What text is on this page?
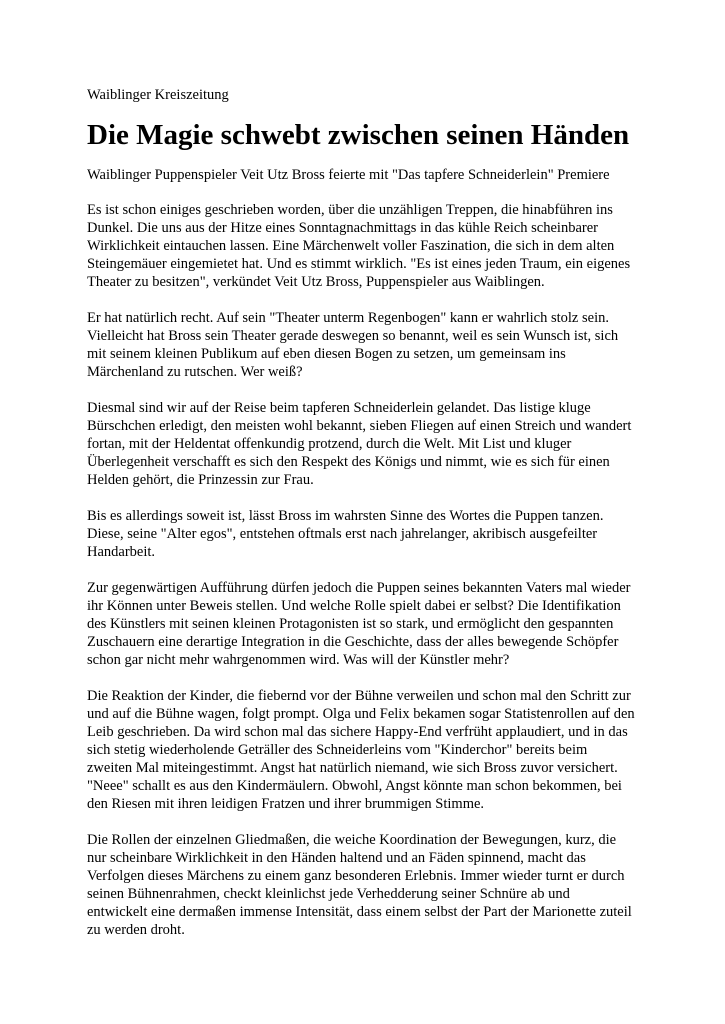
Waiblinger Kreiszeitung
Die Magie schwebt zwischen seinen Händen
Waiblinger Puppenspieler Veit Utz Bross feierte mit "Das tapfere Schneiderlein" Premiere

Es ist schon einiges geschrieben worden, über die unzähligen Treppen, die hinabführen ins
Dunkel. Die uns aus der Hitze eines Sonntagnachmittags in das kühle Reich scheinbarer
Wirklichkeit eintauchen lassen. Eine Märchenwelt voller Faszination, die sich in dem alten
Steingemäuer eingemietet hat. Und es stimmt wirklich. "Es ist eines jeden Traum, ein eigenes
Theater zu besitzen", verkündet Veit Utz Bross, Puppenspieler aus Waiblingen.

Er hat natürlich recht. Auf sein "Theater unterm Regenbogen" kann er wahrlich stolz sein.
Vielleicht hat Bross sein Theater gerade deswegen so benannt, weil es sein Wunsch ist, sich
mit seinem kleinen Publikum auf eben diesen Bogen zu setzen, um gemeinsam ins
Märchenland zu rutschen. Wer weiß?

Diesmal sind wir auf der Reise beim tapferen Schneiderlein gelandet. Das listige kluge
Bürschchen erledigt, den meisten wohl bekannt, sieben Fliegen auf einen Streich und wandert
fortan, mit der Heldentat offenkundig protzend, durch die Welt. Mit List und kluger
Überlegenheit verschafft es sich den Respekt des Königs und nimmt, wie es sich für einen
Helden gehört, die Prinzessin zur Frau.

Bis es allerdings soweit ist, lässt Bross im wahrsten Sinne des Wortes die Puppen tanzen.
Diese, seine "Alter egos", entstehen oftmals erst nach jahrelanger, akribisch ausgefeilter
Handarbeit.

Zur gegenwärtigen Aufführung dürfen jedoch die Puppen seines bekannten Vaters mal wieder
ihr Können unter Beweis stellen. Und welche Rolle spielt dabei er selbst? Die Identifikation
des Künstlers mit seinen kleinen Protagonisten ist so stark, und ermöglicht den gespannten
Zuschauern eine derartige Integration in die Geschichte, dass der alles bewegende Schöpfer
schon gar nicht mehr wahrgenommen wird. Was will der Künstler mehr?

Die Reaktion der Kinder, die fiebernd vor der Bühne verweilen und schon mal den Schritt zur
und auf die Bühne wagen, folgt prompt. Olga und Felix bekamen sogar Statistenrollen auf den
Leib geschrieben. Da wird schon mal das sichere Happy-End verfrüht applaudiert, und in das
sich stetig wiederholende Geträller des Schneiderleins vom "Kinderchor" bereits beim
zweiten Mal miteingestimmt. Angst hat natürlich niemand, wie sich Bross zuvor versichert.
"Neee" schallt es aus den Kindermäulern. Obwohl, Angst könnte man schon bekommen, bei
den Riesen mit ihren leidigen Fratzen und ihrer brummigen Stimme.

Die Rollen der einzelnen Gliedmaßen, die weiche Koordination der Bewegungen, kurz, die
nur scheinbare Wirklichkeit in den Händen haltend und an Fäden spinnend, macht das
Verfolgen dieses Märchens zu einem ganz besonderen Erlebnis. Immer wieder turnt er durch
seinen Bühnenrahmen, checkt kleinlichst jede Verhedderung seiner Schnüre ab und
entwickelt eine dermaßen immense Intensität, dass einem selbst der Part der Marionette zuteil
zu werden droht.
